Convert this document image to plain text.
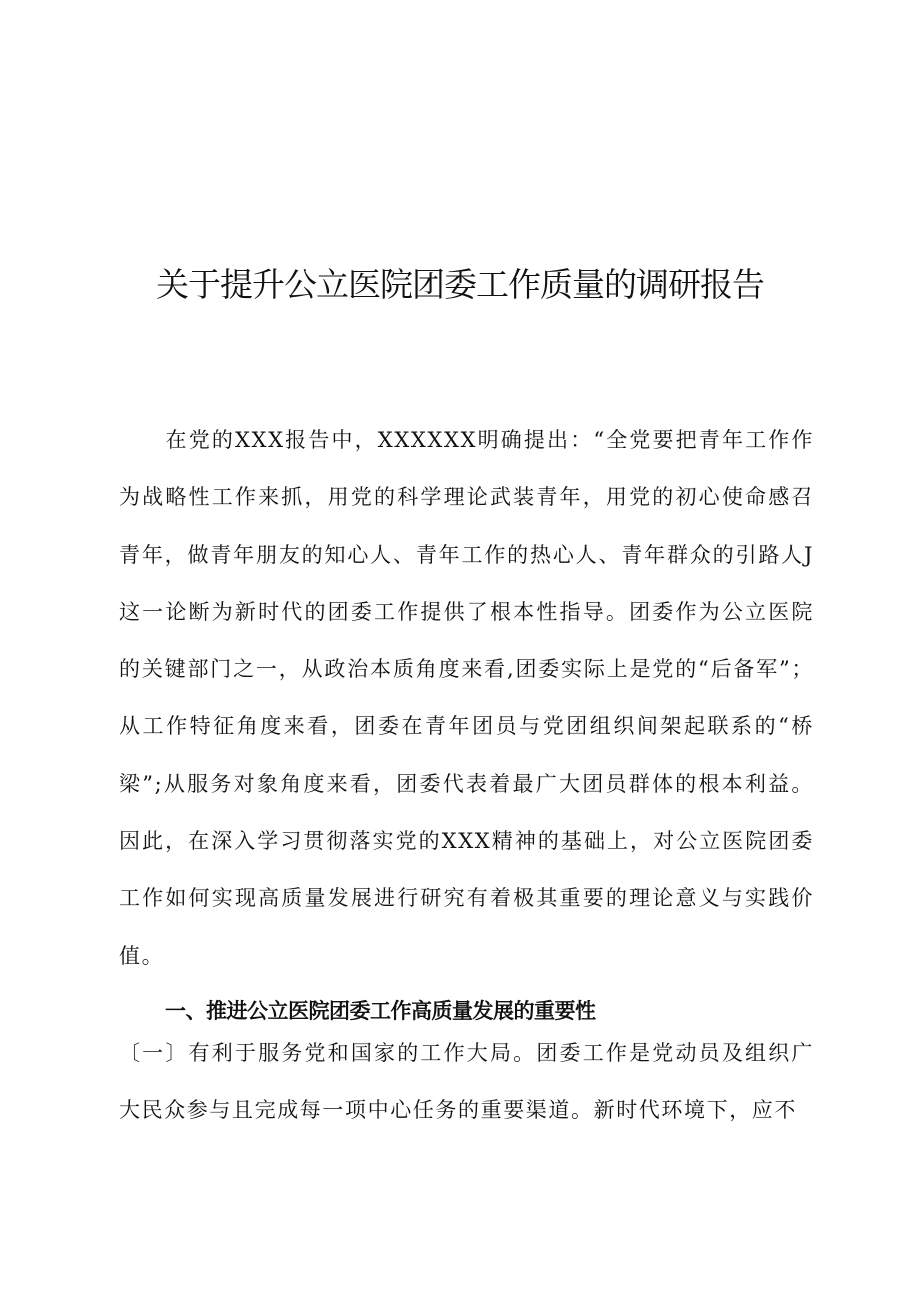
关于提升公立医院团委工作质量的调研报告

在党的XXX报告中，XXXXXX明确提出：“全党要把青年工作作为战略性工作来抓，用党的科学理论武装青年，用党的初心使命感召青年，做青年朋友的知心人、青年工作的热心人、青年群众的引路人J这一论断为新时代的团委工作提供了根本性指导。团委作为公立医院的关键部门之一，从政治本质角度来看,团委实际上是党的“后备军”；从工作特征角度来看，团委在青年团员与党团组织间架起联系的“桥梁”;从服务对象角度来看，团委代表着最广大团员群体的根本利益。因此，在深入学习贯彻落实党的XXX精神的基础上，对公立医院团委工作如何实现高质量发展进行研究有着极其重要的理论意义与实践价值。

一、推进公立医院团委工作高质量发展的重要性

〔一〕有利于服务党和国家的工作大局。团委工作是党动员及组织广大民众参与且完成每一项中心任务的重要渠道。新时代环境下，应不
